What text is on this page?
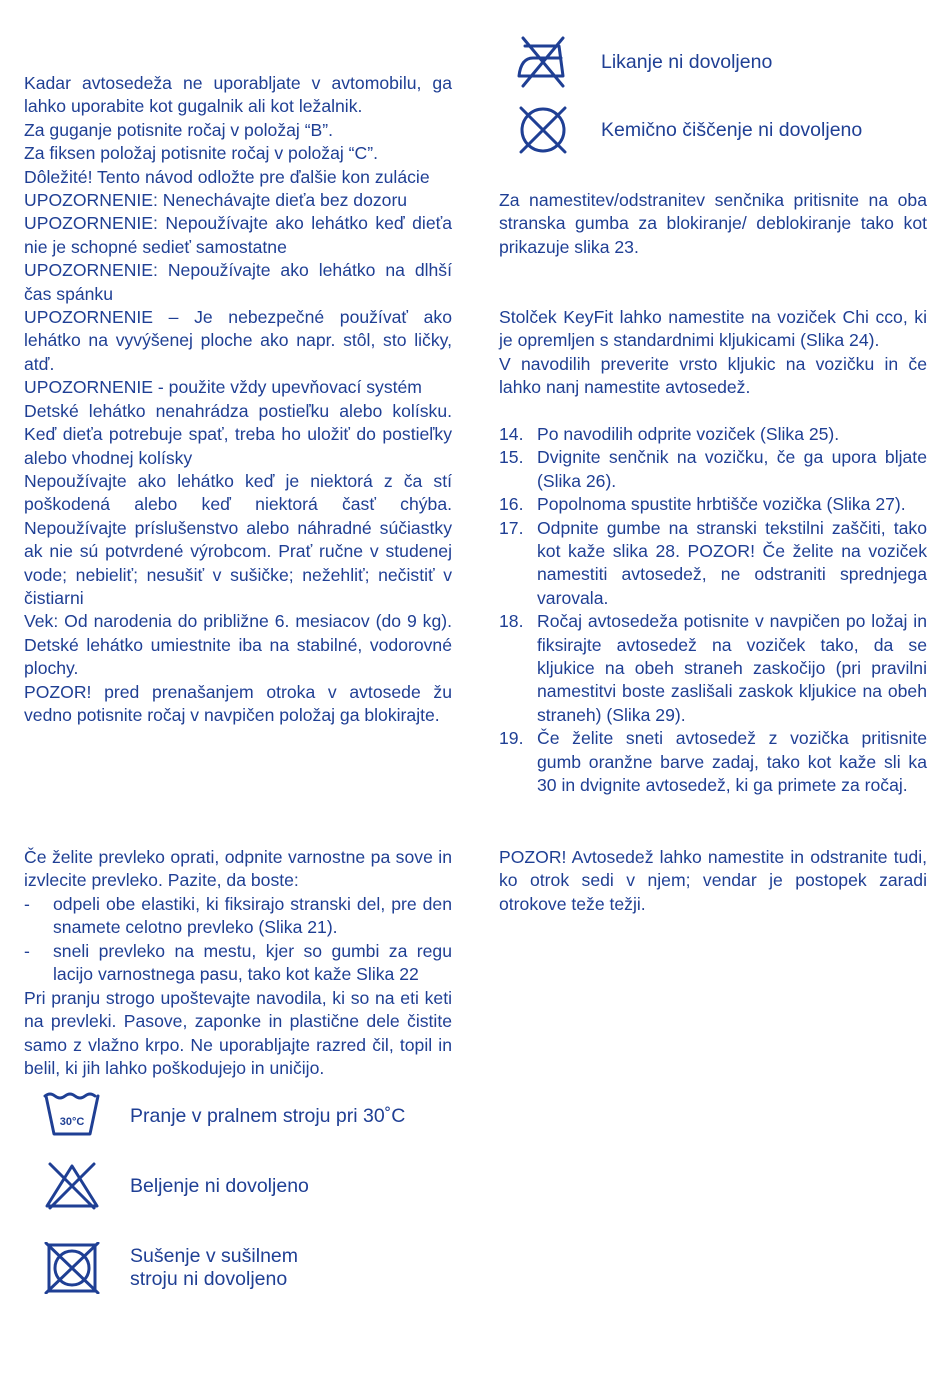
Kadar avtosedeža ne uporabljate v avtomobilu, ga lahko uporabite kot gugalnik ali kot ležalnik.
Za guganje potisnite ročaj v položaj “B”.
Za fiksen položaj potisnite ročaj v položaj “C”.
Dôležité! Tento návod odložte pre ďalšie kon zulácie
UPOZORNENIE: Nenechávajte dieťa bez dozoru
UPOZORNENIE: Nepoužívajte ako lehátko keď dieťa nie je schopné sedieť samostatne
UPOZORNENIE: Nepoužívajte ako lehátko na dlhší čas spánku
UPOZORNENIE – Je nebezpečné používať ako lehátko na vyvýšenej ploche ako napr. stôl, sto ličky, atď.
UPOZORNENIE - použite vždy upevňovací systém
Detské lehátko nenahrádza postieľku alebo kolísku. Keď dieťa potrebuje spať, treba ho uložiť do postieľky alebo vhodnej kolísky
Nepoužívajte ako lehátko keď je niektorá z ča stí poškodená alebo keď niektorá časť chýba. Nepoužívajte príslušenstvo alebo náhradné súčiastky ak nie sú potvrdené výrobcom. Prať ručne v studenej vode; nebieliť; nesušiť v sušičke; nežehliť; nečistiť v čistiarni
Vek: Od narodenia do približne 6. mesiacov (do 9 kg). Detské lehátko umiestnite iba na stabilné, vodorovné plochy.
POZOR! pred prenašanjem otroka v avtosede žu vedno potisnite ročaj v navpičen položaj ga blokirajte.
Če želite prevleko oprati, odpnite varnostne pa sove in izvlecite prevleko. Pazite, da boste:
- odpeli obe elastiki, ki fiksirajo stranski del, pre den snamete celotno prevleko (Slika 21).
- sneli prevleko na mestu, kjer so gumbi za regu lacijo varnostnega pasu, tako kot kaže Slika 22
Pri pranju strogo upoštevajte navodila, ki so na eti keti na prevleki. Pasove, zaponke in plastične dele čistite samo z vlažno krpo. Ne uporabljajte razred čil, topil in belil, ki jih lahko poškodujejo in uničijo.
30°C Pranje v pralnem stroju pri 30˚C
Beljenje ni dovoljeno
Sušenje v sušilnem stroju ni dovoljeno
Likanje ni dovoljeno
Kemično čiščenje ni dovoljeno
Za namestitev/odstranitev senčnika pritisnite na oba stranska gumba za blokiranje/ deblokiranje tako kot prikazuje slika 23.
Stolček KeyFit lahko namestite na voziček Chi cco, ki je opremljen s standardnimi kljukicami (Slika 24).
V navodilih preverite vrsto kljukic na vozičku in če lahko nanj namestite avtosedež.
14. Po navodilih odprite voziček (Slika 25).
15. Dvignite senčnik na vozičku, če ga upora bljate (Slika 26).
16. Popolnoma spustite hrbtišče vozička (Slika 27).
17. Odpnite gumbe na stranski tekstilni zaščiti, tako kot kaže slika 28. POZOR! Če želite na voziček namestiti avtosedež, ne odstraniti sprednjega varovala.
18. Ročaj avtosedeža potisnite v navpičen po ložaj in fiksirajte avtosedež na voziček tako, da se kljukice na obeh straneh zaskočijo (pri pravilni namestitvi boste zaslišali zaskok kljukice na obeh straneh) (Slika 29).
19. Če želite sneti avtosedež z vozička pritisnite gumb oranžne barve zadaj, tako kot kaže sli ka 30 in dvignite avtosedež, ki ga primete za ročaj.
POZOR! Avtosedež lahko namestite in odstranite tudi, ko otrok sedi v njem; vendar je postopek zaradi otrokove teže težji.
